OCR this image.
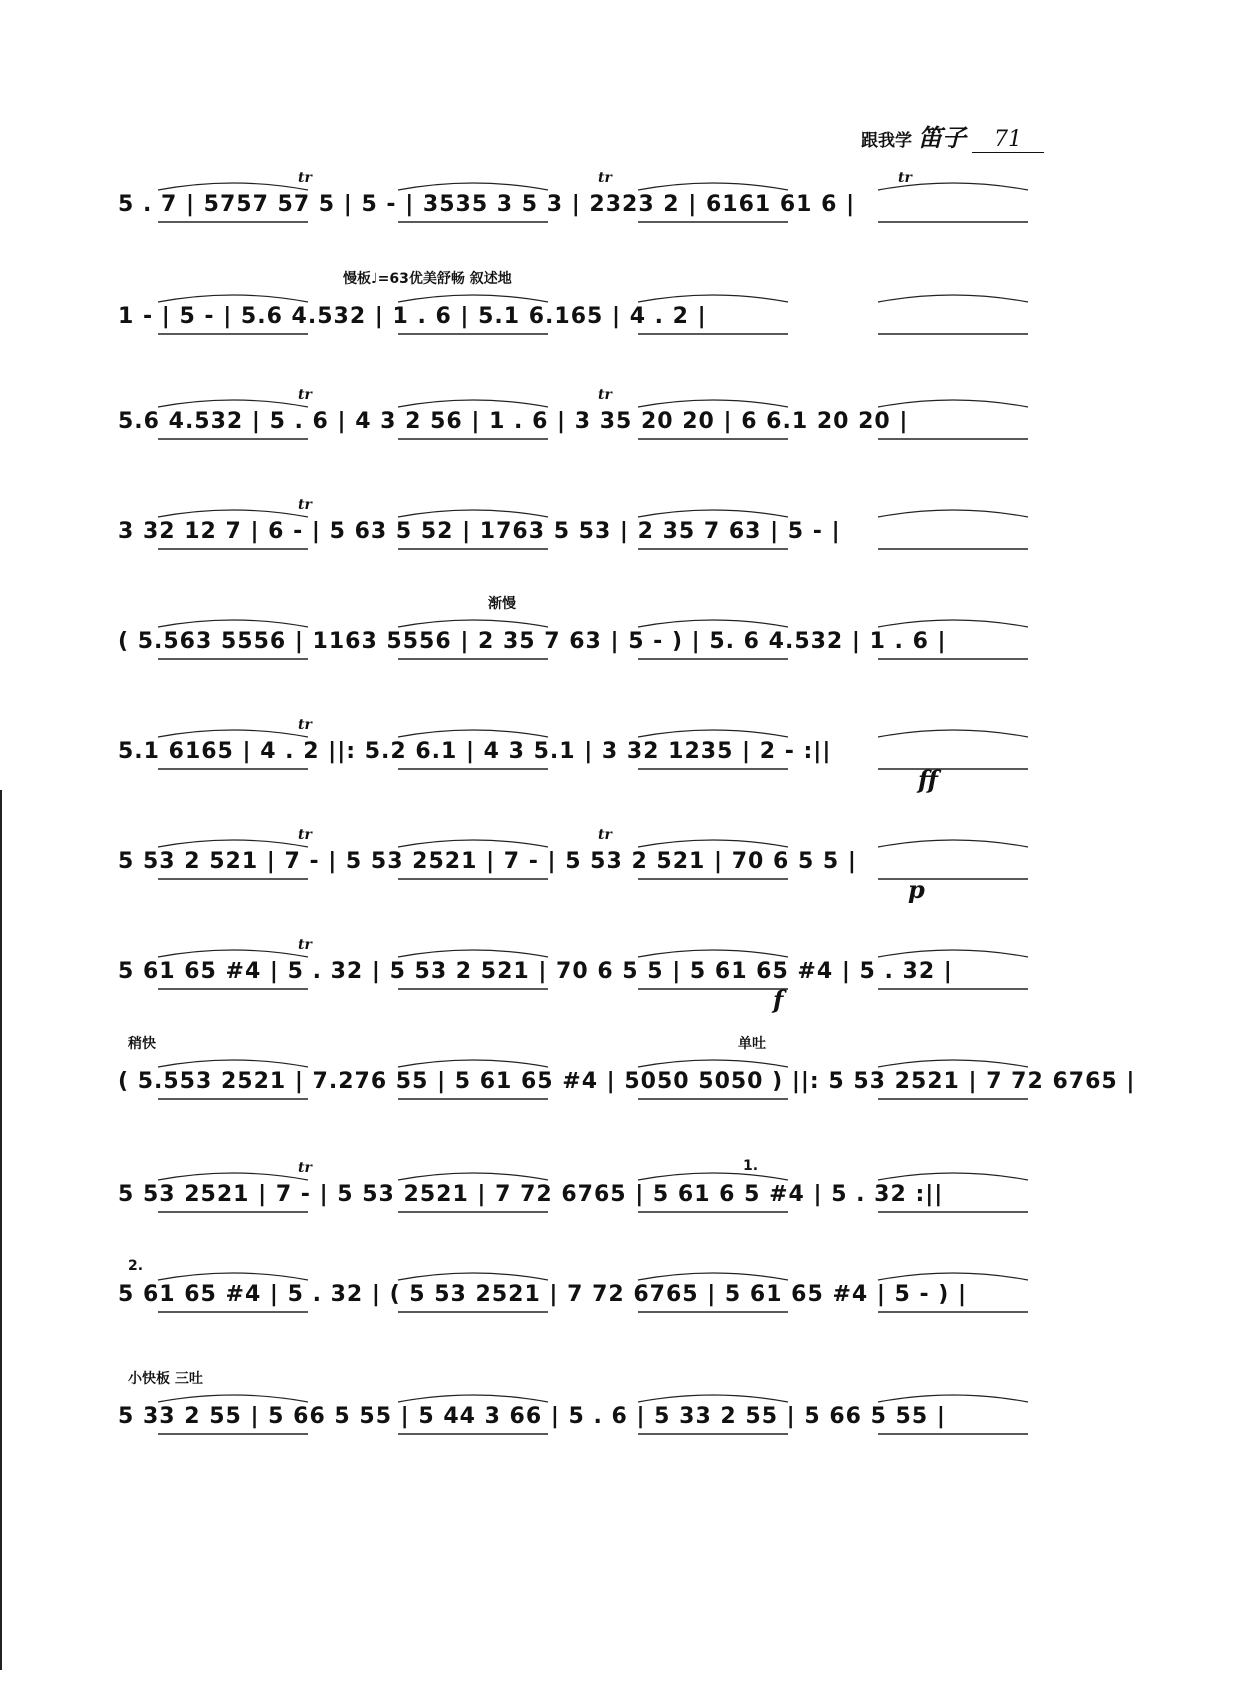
跟我学 笛子	71
5 . 7 | 5757 57 5 | 5 - | 3535 3 5 3 | 2323 2 | 6161 61 6 |
tr	tr	tr
慢板♩=63优美舒畅 叙述地
1 - | 5 - | 5.6 4.532 | 1 . 6 | 5.1 6.165 | 4 . 2 |
5.6 4.532 | 5 . 6 | 4 3 2 56 | 1 . 6 | 3 35 20 20 | 6 6.1 20 20 |
tr	tr
3 32 12 7 | 6 - | 5 63 5 52 | 1763 5 53 | 2 35 7 63 | 5 - |
tr
渐慢
( 5.563 5556 | 1163 5556 | 2 35 7 63 | 5 - ) | 5. 6 4.532 | 1 . 6 |
5.1 6165 | 4 . 2 ||: 5.2 6.1 | 4 3 5.1 | 3 32 1235 | 2 - :||
tr
ff
5 53 2 521 | 7 - | 5 53 2521 | 7 - | 5 53 2 521 | 70 6 5 5 |
tr	tr
p
5 61 65 #4 | 5 . 32 | 5 53 2 521 | 70 6 5 5 | 5 61 65 #4 | 5 . 32 |
tr
f
稍快	单吐
( 5.553 2521 | 7.276 55 | 5 61 65 #4 | 5050 5050 ) ||: 5 53 2521 | 7 72 6765 |
5 53 2521 | 7 - | 5 53 2521 | 7 72 6765 | 5 61 6 5 #4 | 5 . 32 :||
tr	1.
5 61 65 #4 | 5 . 32 | ( 5 53 2521 | 7 72 6765 | 5 61 65 #4 | 5 - ) |
2.
小快板 三吐
5 33 2 55 | 5 66 5 55 | 5 44 3 66 | 5 . 6 | 5 33 2 55 | 5 66 5 55 |
